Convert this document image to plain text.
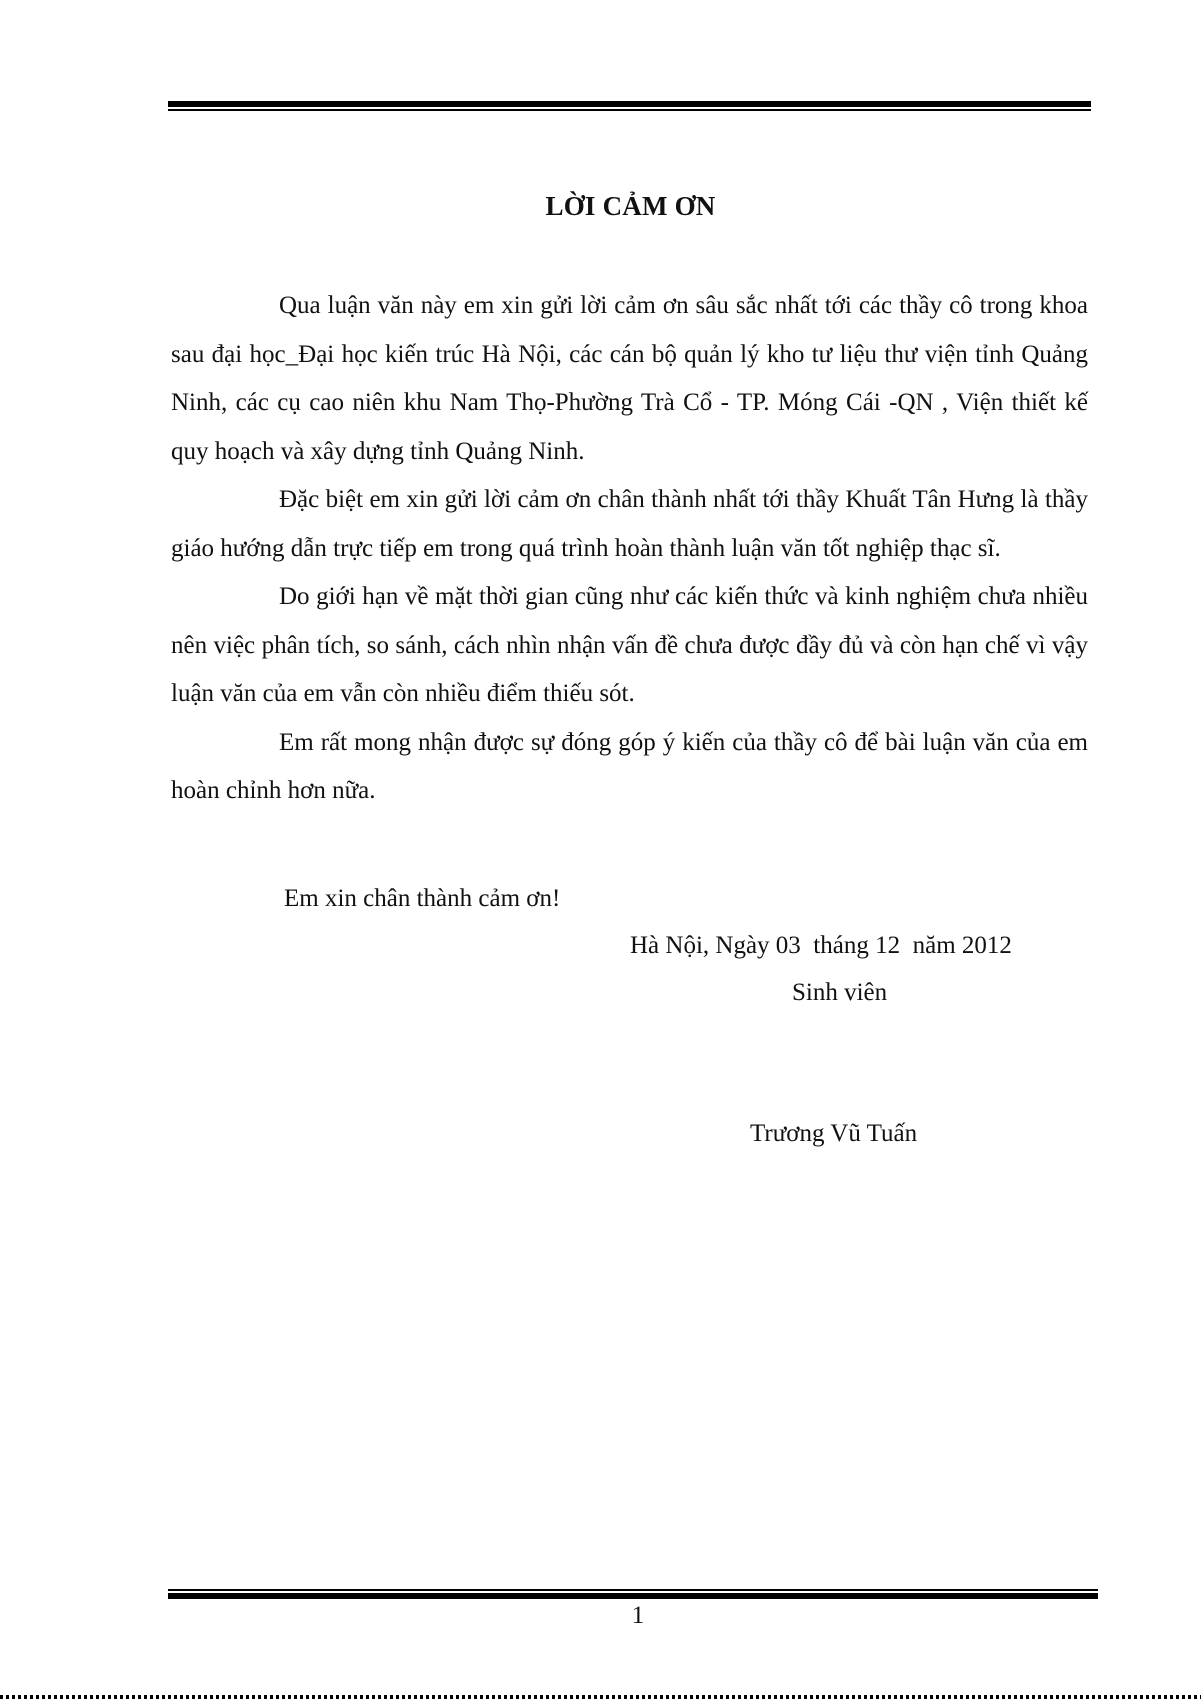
LỜI CẢM ƠN

Qua luận văn này em xin gửi lời cảm ơn sâu sắc nhất tới các thầy cô trong khoa sau đại học_Đại học kiến trúc Hà Nội, các cán bộ quản lý kho tư liệu thư viện tỉnh Quảng Ninh, các cụ cao niên khu Nam Thọ-Phường Trà Cổ - TP. Móng Cái -QN , Viện thiết kế quy hoạch và xây dựng tỉnh Quảng Ninh.

Đặc biệt em xin gửi lời cảm ơn chân thành nhất tới thầy Khuất Tân Hưng là thầy giáo hướng dẫn trực tiếp em trong quá trình hoàn thành luận văn tốt nghiệp thạc sĩ.

Do giới hạn về mặt thời gian cũng như các kiến thức và kinh nghiệm chưa nhiều nên việc phân tích, so sánh, cách nhìn nhận vấn đề chưa được đầy đủ và còn hạn chế vì vậy luận văn của em vẫn còn nhiều điểm thiếu sót.

Em rất mong nhận được sự đóng góp ý kiến của thầy cô để bài luận văn của em hoàn chỉnh hơn nữa.

Em xin chân thành cảm ơn!
Hà Nội, Ngày 03  tháng 12  năm 2012
Sinh viên
Trương Vũ Tuấn
1
